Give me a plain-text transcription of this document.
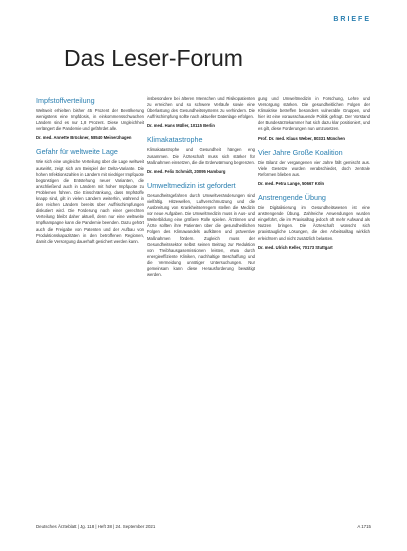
BRIEFE
Das Leser-Forum
Impfstoffverteilung

Weltweit erhielten bisher 45 Prozent der Bevölkerung wenigstens eine Impfdosis, in einkommensschwachen Ländern sind es nur 1,8 Prozent. Diese Ungleichheit verlängert die Pandemie und gefährdet alle.

Dr. med. Annette Brückner, 58540 Meinerzhagen

Gefahr für weltweite Lage

Wie sich eine ungleiche Verteilung über die Lage weltweit auswirkt, zeigt sich am Beispiel der Delta-Variante. Die hohen Infektionszahlen in Ländern mit niedriger Impfquote begünstigen die Entstehung neuer Varianten, die anschließend auch in Ländern mit hoher Impfquote zu Problemen führen. Die Einschränkung, dass Impfstoffe knapp sind, gilt in vielen Ländern weiterhin, während in den reichen Ländern bereits über Auffrischimpfungen diskutiert wird. Die Forderung nach einer gerechten Verteilung bleibt daher aktuell, denn nur eine weltweite Impfkampagne kann die Pandemie beenden. Dazu gehört auch die Freigabe von Patenten und der Aufbau von Produktionskapazitäten in den betroffenen Regionen, damit die Versorgung dauerhaft gesichert werden kann.

insbesondere bei älteren Menschen und Risikopatienten zu erreichen und so schwere Verläufe sowie eine Überlastung des Gesundheitssystems zu verhindern. Die Auffrischimpfung sollte nach aktueller Datenlage erfolgen.

Dr. med. Hans Müller, 10115 Berlin

Klimakatastrophe

Klimakatastrophe und Gesundheit hängen eng zusammen. Die Ärzteschaft muss sich stärker für Maßnahmen einsetzen, die die Erderwärmung begrenzen.

Dr. med. Felix Schmidt, 20095 Hamburg

Umweltmedizin ist gefordert

Gesundheitsgefahren durch Umweltveränderungen sind vielfältig. Hitzewellen, Luftverschmutzung und die Ausbreitung von Krankheitserregern stellen die Medizin vor neue Aufgaben. Die Umweltmedizin muss in Aus- und Weiterbildung eine größere Rolle spielen. Ärztinnen und Ärzte sollten ihre Patienten über die gesundheitlichen Folgen des Klimawandels aufklären und präventive Maßnahmen fördern. Zugleich muss der Gesundheitssektor selbst seinen Beitrag zur Reduktion von Treibhausgasemissionen leisten, etwa durch energieeffiziente Kliniken, nachhaltige Beschaffung und die Vermeidung unnötiger Untersuchungen. Nur gemeinsam kann diese Herausforderung bewältigt werden.

gung und Umweltmedizin in Forschung, Lehre und Versorgung stärken. Die gesundheitlichen Folgen der Klimakrise betreffen besonders vulnerable Gruppen, und hier ist eine vorausschauende Politik gefragt. Der Vorstand der Bundesärztekammer hat sich dazu klar positioniert, und es gilt, diese Forderungen nun umzusetzen.

Prof. Dr. med. Klaus Weber, 80331 München

Vier Jahre Große Koalition

Die Bilanz der vergangenen vier Jahre fällt gemischt aus. Viele Gesetze wurden verabschiedet, doch zentrale Reformen blieben aus.

Dr. med. Petra Lange, 50667 Köln

Anstrengende Übung

Die Digitalisierung im Gesundheitswesen ist eine anstrengende Übung. Zahlreiche Anwendungen wurden eingeführt, die im Praxisalltag jedoch oft mehr Aufwand als Nutzen bringen. Die Ärzteschaft wünscht sich praxistaugliche Lösungen, die den Arbeitsalltag wirklich erleichtern und nicht zusätzlich belasten.

Dr. med. Ulrich Keller, 70173 Stuttgart

Deutsches Ärzteblatt | Jg. 118 | Heft 38 | 24. September 2021	A 1715
